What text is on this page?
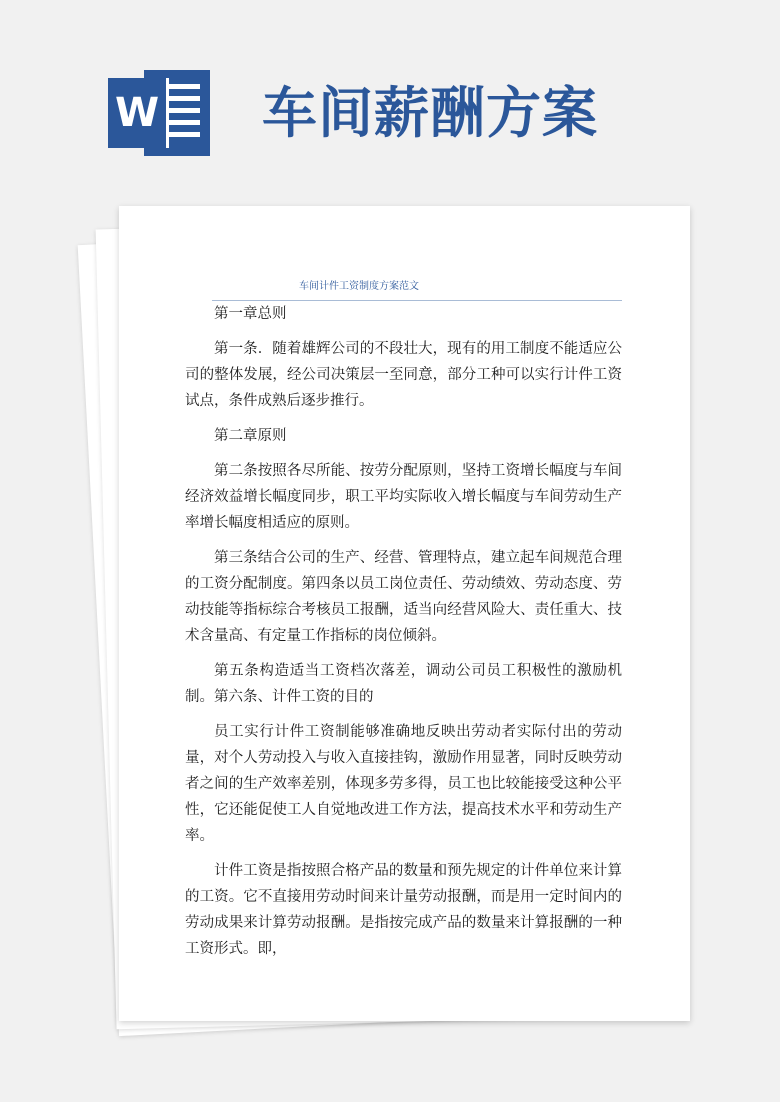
W 车间薪酬方案
车间计件工资制度方案范文

第一章总则

第一条．随着雄辉公司的不段壮大，现有的用工制度不能适应公司的整体发展，经公司决策层一至同意，部分工种可以实行计件工资试点，条件成熟后逐步推行。

第二章原则

第二条按照各尽所能、按劳分配原则，坚持工资增长幅度与车间经济效益增长幅度同步，职工平均实际收入增长幅度与车间劳动生产率增长幅度相适应的原则。

第三条结合公司的生产、经营、管理特点，建立起车间规范合理的工资分配制度。第四条以员工岗位责任、劳动绩效、劳动态度、劳动技能等指标综合考核员工报酬，适当向经营风险大、责任重大、技术含量高、有定量工作指标的岗位倾斜。

第五条构造适当工资档次落差，调动公司员工积极性的激励机制。第六条、计件工资的目的

员工实行计件工资制能够准确地反映出劳动者实际付出的劳动量，对个人劳动投入与收入直接挂钩，激励作用显著，同时反映劳动者之间的生产效率差别，体现多劳多得，员工也比较能接受这种公平性，它还能促使工人自觉地改进工作方法，提高技术水平和劳动生产率。

计件工资是指按照合格产品的数量和预先规定的计件单位来计算的工资。它不直接用劳动时间来计量劳动报酬，而是用一定时间内的劳动成果来计算劳动报酬。是指按完成产品的数量来计算报酬的一种工资形式。即，
